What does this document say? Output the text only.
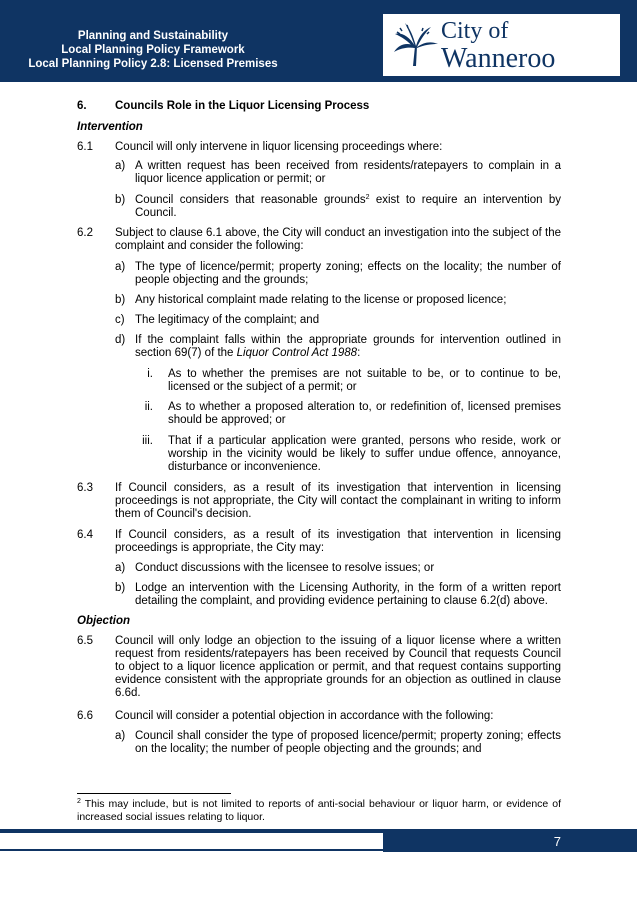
Planning and Sustainability
Local Planning Policy Framework
Local Planning Policy 2.8: Licensed Premises
City of
Wanneroo
6. Councils Role in the Liquor Licensing Process
Intervention
6.1 Council will only intervene in liquor licensing proceedings where:
a) A written request has been received from residents/ratepayers to complain in a liquor licence application or permit; or
b) Council considers that reasonable grounds$^2$ exist to require an intervention by Council.
6.2 Subject to clause 6.1 above, the City will conduct an investigation into the subject of the complaint and consider the following:
a) The type of licence/permit; property zoning; effects on the locality; the number of people objecting and the grounds;
b) Any historical complaint made relating to the license or proposed licence;
c) The legitimacy of the complaint; and
d) If the complaint falls within the appropriate grounds for intervention outlined in section 69(7) of the Liquor Control Act 1988:
i. As to whether the premises are not suitable to be, or to continue to be, licensed or the subject of a permit; or
ii. As to whether a proposed alteration to, or redefinition of, licensed premises should be approved; or
iii. That if a particular application were granted, persons who reside, work or worship in the vicinity would be likely to suffer undue offence, annoyance, disturbance or inconvenience.
6.3 If Council considers, as a result of its investigation that intervention in licensing proceedings is not appropriate, the City will contact the complainant in writing to inform them of Council's decision.
6.4 If Council considers, as a result of its investigation that intervention in licensing proceedings is appropriate, the City may:
a) Conduct discussions with the licensee to resolve issues; or
b) Lodge an intervention with the Licensing Authority, in the form of a written report detailing the complaint, and providing evidence pertaining to clause 6.2(d) above.
Objection
6.5 Council will only lodge an objection to the issuing of a liquor license where a written request from residents/ratepayers has been received by Council that requests Council to object to a liquor licence application or permit, and that request contains supporting evidence consistent with the appropriate grounds for an objection as outlined in clause 6.6d.
6.6 Council will consider a potential objection in accordance with the following:
a) Council shall consider the type of proposed licence/permit; property zoning; effects on the locality; the number of people objecting and the grounds; and
$^2$ This may include, but is not limited to reports of anti-social behaviour or liquor harm, or evidence of increased social issues relating to liquor.
7
